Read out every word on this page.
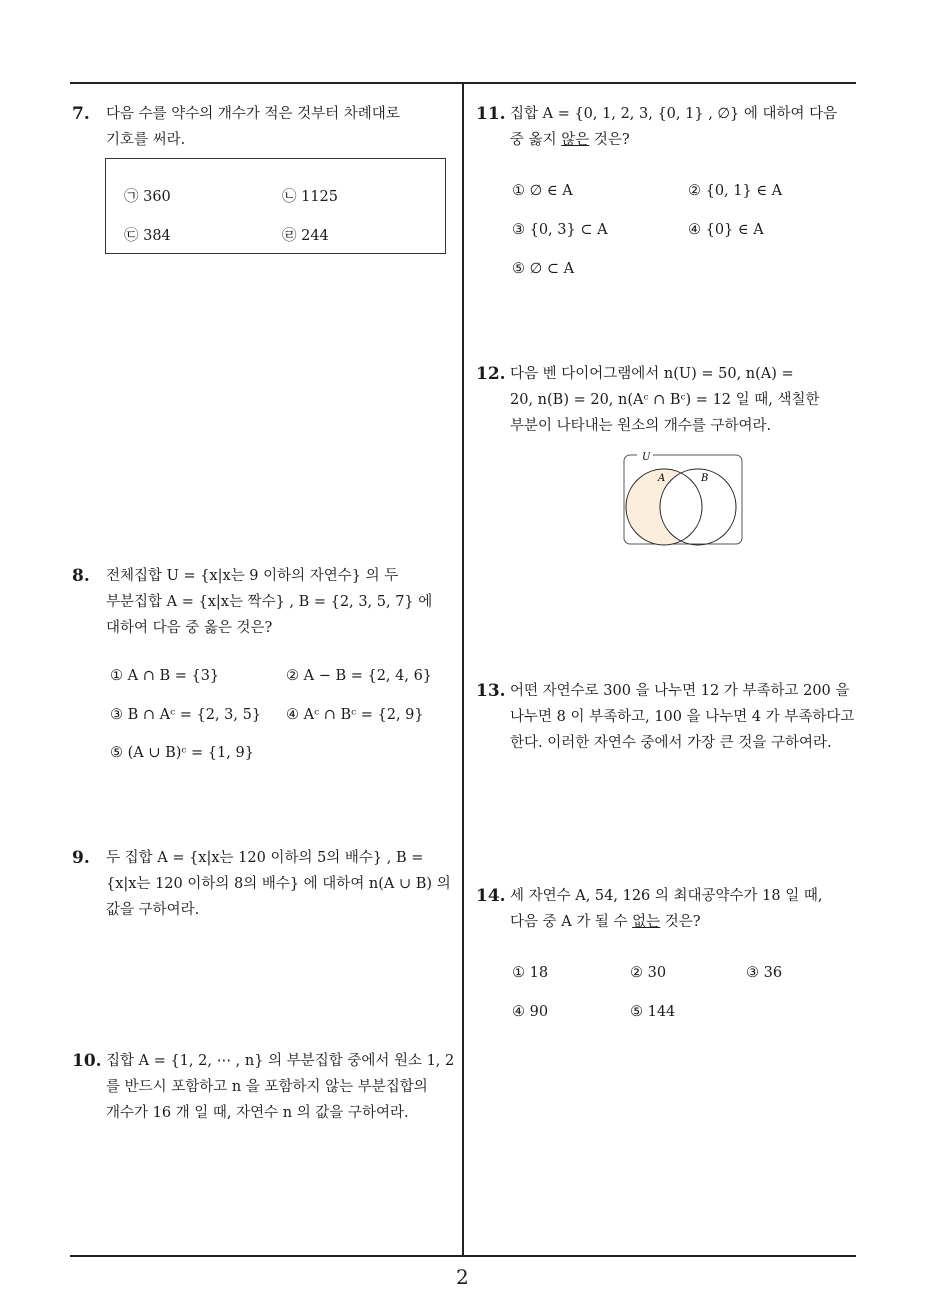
7. 다음 수를 약수의 개수가 적은 것부터 차례대로
기호를 써라.
㉠ 360	㉡ 1125
㉢ 384	㉣ 244
8. 전체집합 U = {x|x는 9 이하의 자연수} 의 두
부분집합 A = {x|x는 짝수} , B = {2, 3, 5, 7} 에
대하여 다음 중 옳은 것은?
① A ∩ B = {3}	② A − B = {2, 4, 6}
③ B ∩ Aᶜ = {2, 3, 5} ④ Aᶜ ∩ Bᶜ = {2, 9}
⑤ (A ∪ B)ᶜ = {1, 9}
9. 두 집합 A = {x|x는 120 이하의 5의 배수} , B =
{x|x는 120 이하의 8의 배수} 에 대하여 n(A ∪ B) 의
값을 구하여라.
10. 집합 A = {1, 2, ⋯ , n} 의 부분집합 중에서 원소 1, 2
를 반드시 포함하고 n 을 포함하지 않는 부분집합의
개수가 16 개 일 때, 자연수 n 의 값을 구하여라.
11. 집합 A = {0, 1, 2, 3, {0, 1} , ∅} 에 대하여 다음
중 옳지 않은 것은?
① ∅ ∈ A	② {0, 1} ∈ A
③ {0, 3} ⊂ A	④ {0} ∈ A
⑤ ∅ ⊂ A
12. 다음 벤 다이어그램에서 n(U) = 50, n(A) =
20, n(B) = 20, n(Aᶜ ∩ Bᶜ) = 12 일 때, 색칠한
부분이 나타내는 원소의 개수를 구하여라.
U
A	B
13. 어떤 자연수로 300 을 나누면 12 가 부족하고 200 을
나누면 8 이 부족하고, 100 을 나누면 4 가 부족하다고
한다. 이러한 자연수 중에서 가장 큰 것을 구하여라.
14. 세 자연수 A, 54, 126 의 최대공약수가 18 일 때,
다음 중 A 가 될 수 없는 것은?
① 18	② 30	③ 36
④ 90	⑤ 144
2
